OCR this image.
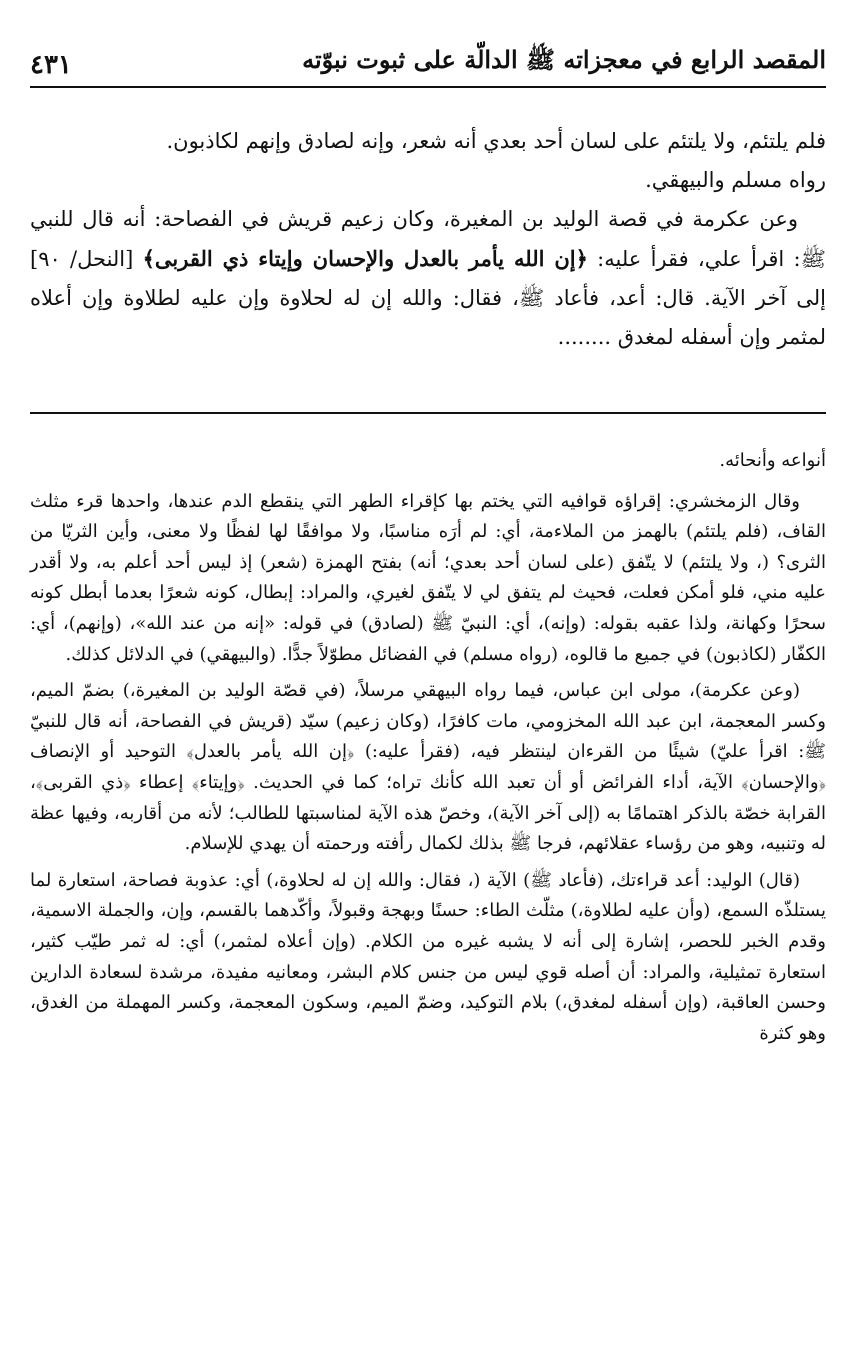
المقصد الرابع في معجزاته ﷺ الدالّة على ثبوت نبوّته
٤٣١

فلم يلتئم، ولا يلتئم على لسان أحد بعدي أنه شعر، وإنه لصادق وإنهم لكاذبون.

رواه مسلم والبيهقي.

وعن عكرمة في قصة الوليد بن المغيرة، وكان زعيم قريش في الفصاحة: أنه قال للنبي ﷺ: اقرأ علي، فقرأ عليه: ﴿إن الله يأمر بالعدل والإحسان وإيتاء ذي القربى﴾ [النحل/ ٩٠] إلى آخر الآية. قال: أعد، فأعاد ﷺ، فقال: والله إن له لحلاوة وإن عليه لطلاوة وإن أعلاه لمثمر وإن أسفله لمغدق ........

أنواعه وأنحائه.

وقال الزمخشري: إقراؤه قوافيه التي يختم بها كإقراء الطهر التي ينقطع الدم عندها، واحدها قرء مثلث القاف، (فلم يلتئم) بالهمز من الملاءمة، أي: لم أرَه مناسبًا، ولا موافقًا لها لفظًا ولا معنى، وأين الثريّا من الثرى؟ (، ولا يلتئم) لا يتّفق (على لسان أحد بعدي؛ أنه) بفتح الهمزة (شعر) إذ ليس أحد أعلم به، ولا أقدر عليه مني، فلو أمكن فعلت، فحيث لم يتفق لي لا يتّفق لغيري، والمراد: إبطال، كونه شعرًا بعدما أبطل كونه سحرًا وكهانة، ولذا عقبه بقوله: (وإنه)، أي: النبيّ ﷺ (لصادق) في قوله: «إنه من عند الله»، (وإنهم)، أي: الكفّار (لكاذبون) في جميع ما قالوه، (رواه مسلم) في الفضائل مطوّلاً جدًّا. (والبيهقي) في الدلائل كذلك.

(وعن عكرمة)، مولى ابن عباس، فيما رواه البيهقي مرسلاً، (في قصّة الوليد بن المغيرة،) بضمّ الميم، وكسر المعجمة، ابن عبد الله المخزومي، مات كافرًا، (وكان زعيم) سيّد (قريش في الفصاحة، أنه قال للنبيّ ﷺ: اقرأ عليّ) شيئًا من القرءان لينتظر فيه، (فقرأ عليه:) ﴿إن الله يأمر بالعدل﴾ التوحيد أو الإنصاف ﴿والإحسان﴾ الآية، أداء الفرائض أو أن تعبد الله كأنك تراه؛ كما في الحديث. ﴿وإيتاء﴾ إعطاء ﴿ذي القربى﴾، القرابة خصّة بالذكر اهتمامًا به (إلى آخر الآية)، وخصّ هذه الآية لمناسبتها للطالب؛ لأنه من أقاربه، وفيها عظة له وتنبيه، وهو من رؤساء عقلائهم، فرجا ﷺ بذلك لكمال رأفته ورحمته أن يهدي للإسلام.

(قال) الوليد: أعد قراءتك، (فأعاد ﷺ) الآية (، فقال: والله إن له لحلاوة،) أي: عذوبة فصاحة، استعارة لما يستلذّه السمع، (وأن عليه لطلاوة،) مثلّث الطاء: حسنًا وبهجة وقبولاً، وأكّدهما بالقسم، وإن، والجملة الاسمية، وقدم الخبر للحصر، إشارة إلى أنه لا يشبه غيره من الكلام. (وإن أعلاه لمثمر،) أي: له ثمر طيّب كثير، استعارة تمثيلية، والمراد: أن أصله قوي ليس من جنس كلام البشر، ومعانيه مفيدة، مرشدة لسعادة الدارين وحسن العاقبة، (وإن أسفله لمغدق،) بلام التوكيد، وضمّ الميم، وسكون المعجمة، وكسر المهملة من الغدق، وهو كثرة
